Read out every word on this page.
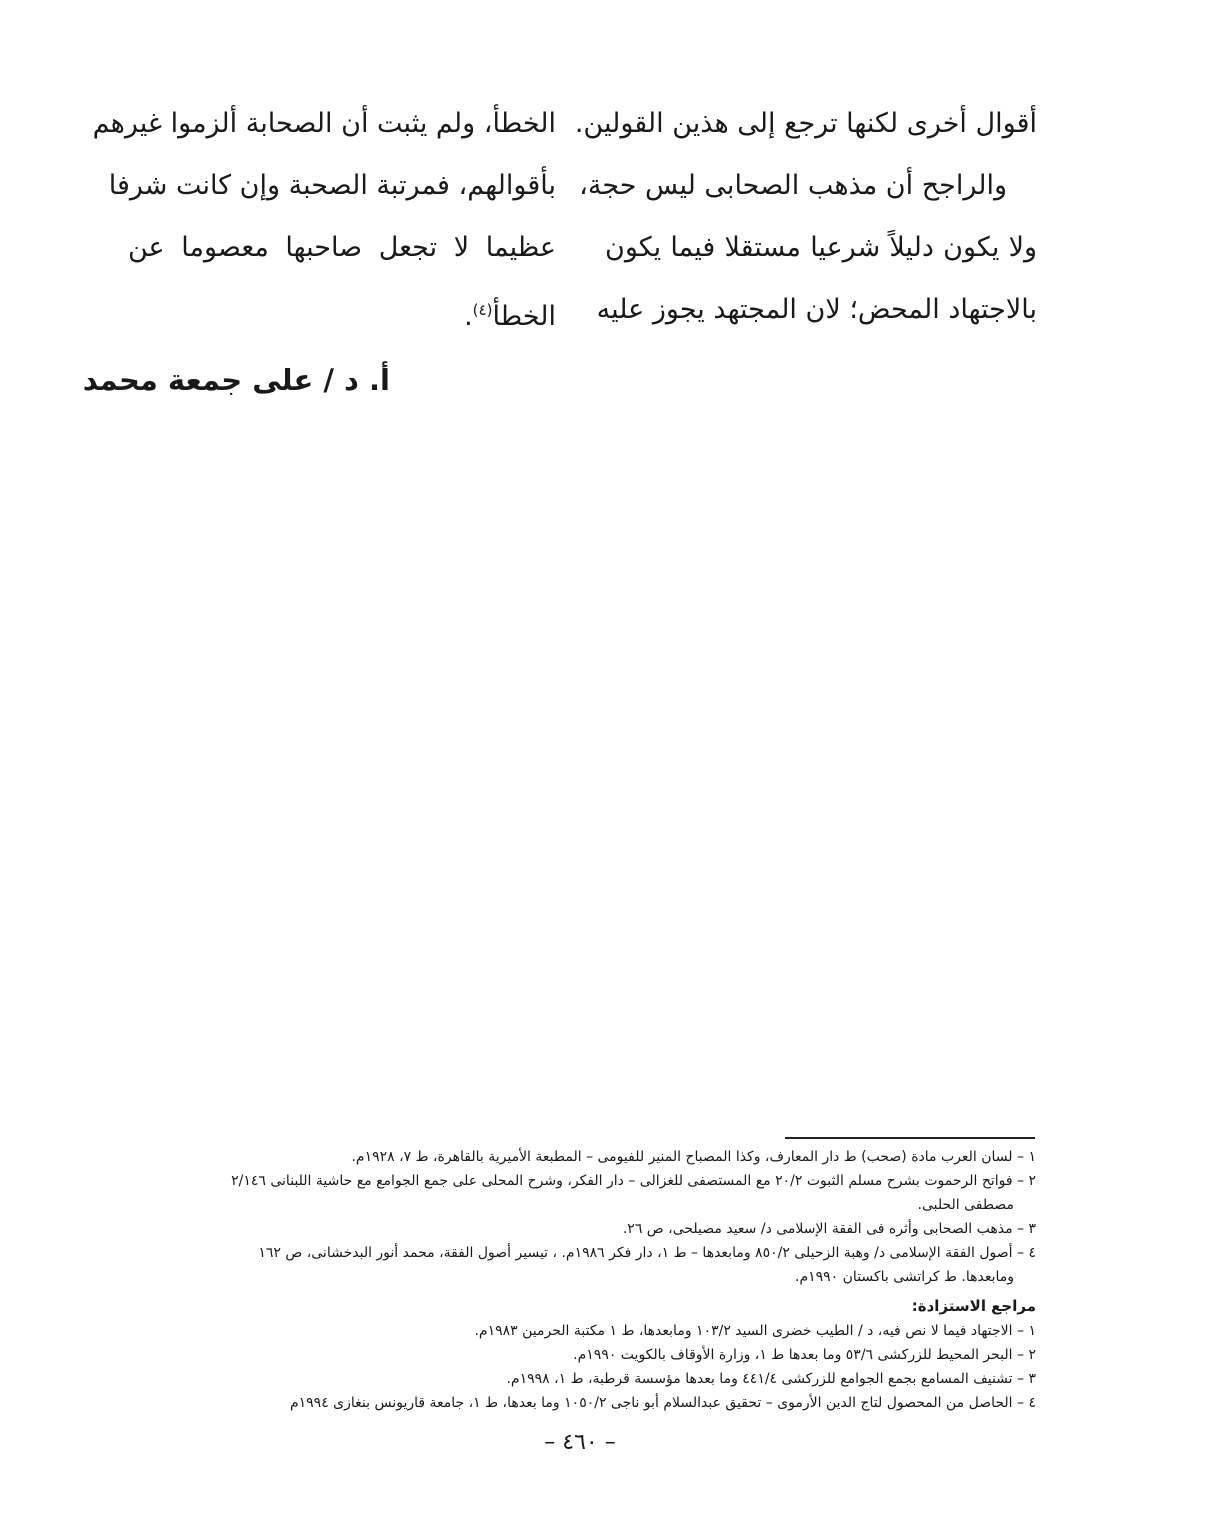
أقوال أخرى لكنها ترجع إلى هذين القولين.
والراجح أن مذهب الصحابى ليس حجة،
ولا يكون دليلاً شرعيا مستقلا فيما يكون
بالاجتهاد المحض؛ لان المجتهد يجوز عليه
الخطأ، ولم يثبت أن الصحابة ألزموا غيرهم
بأقوالهم، فمرتبة الصحبة وإن كانت شرفا
عظيما لا تجعل صاحبها معصوما عن
الخطأ$^{(٤)}$.
أ. د / على جمعة محمد
١ – لسان العرب مادة (صحب) ط دار المعارف، وكذا المصباح المنير للفيومى – المطبعة الأميرية بالقاهرة، ط ٧، ١٩٢٨م.
٢ – فواتح الرحموت بشرح مسلم الثبوت ٢٠/٢ مع المستصفى للغزالى – دار الفكر، وشرح المحلى على جمع الجوامع مع حاشية اللبنانى ٢/١٤٦
مصطفى الحلبى.
٣ – مذهب الصحابى وأثره فى الفقة الإسلامى د/ سعيد مصيلحى، ص ٢٦.
٤ – أصول الفقة الإسلامى د/ وهبة الزحيلى ٨٥٠/٢ ومابعدها – ط ١، دار فكر ١٩٨٦م. ، تيسير أصول الفقة، محمد أنور البدخشانى، ص ١٦٢
ومابعدها. ط كراتشى باكستان ١٩٩٠م.
مراجع الاستزادة:
١ – الاجتهاد فيما لا نص فيه، د / الطيب خضرى السيد ١٠٣/٢ ومابعدها، ط ١ مكتبة الحرمين ١٩٨٣م.
٢ – البحر المحيط للزركشى ٥٣/٦ وما بعدها ط ١، وزارة الأوقاف بالكويت ١٩٩٠م.
٣ – تشنيف المسامع بجمع الجوامع للزركشى ٤٤١/٤ وما بعدها مؤسسة قرطبة، ط ١، ١٩٩٨م.
٤ – الحاصل من المحصول لتاج الدين الأرموى – تحقيق عبدالسلام أبو ناجى ١٠٥٠/٢ وما بعدها، ط ١، جامعة قاريونس بنغازى ١٩٩٤م
– ٤٦٠ –
